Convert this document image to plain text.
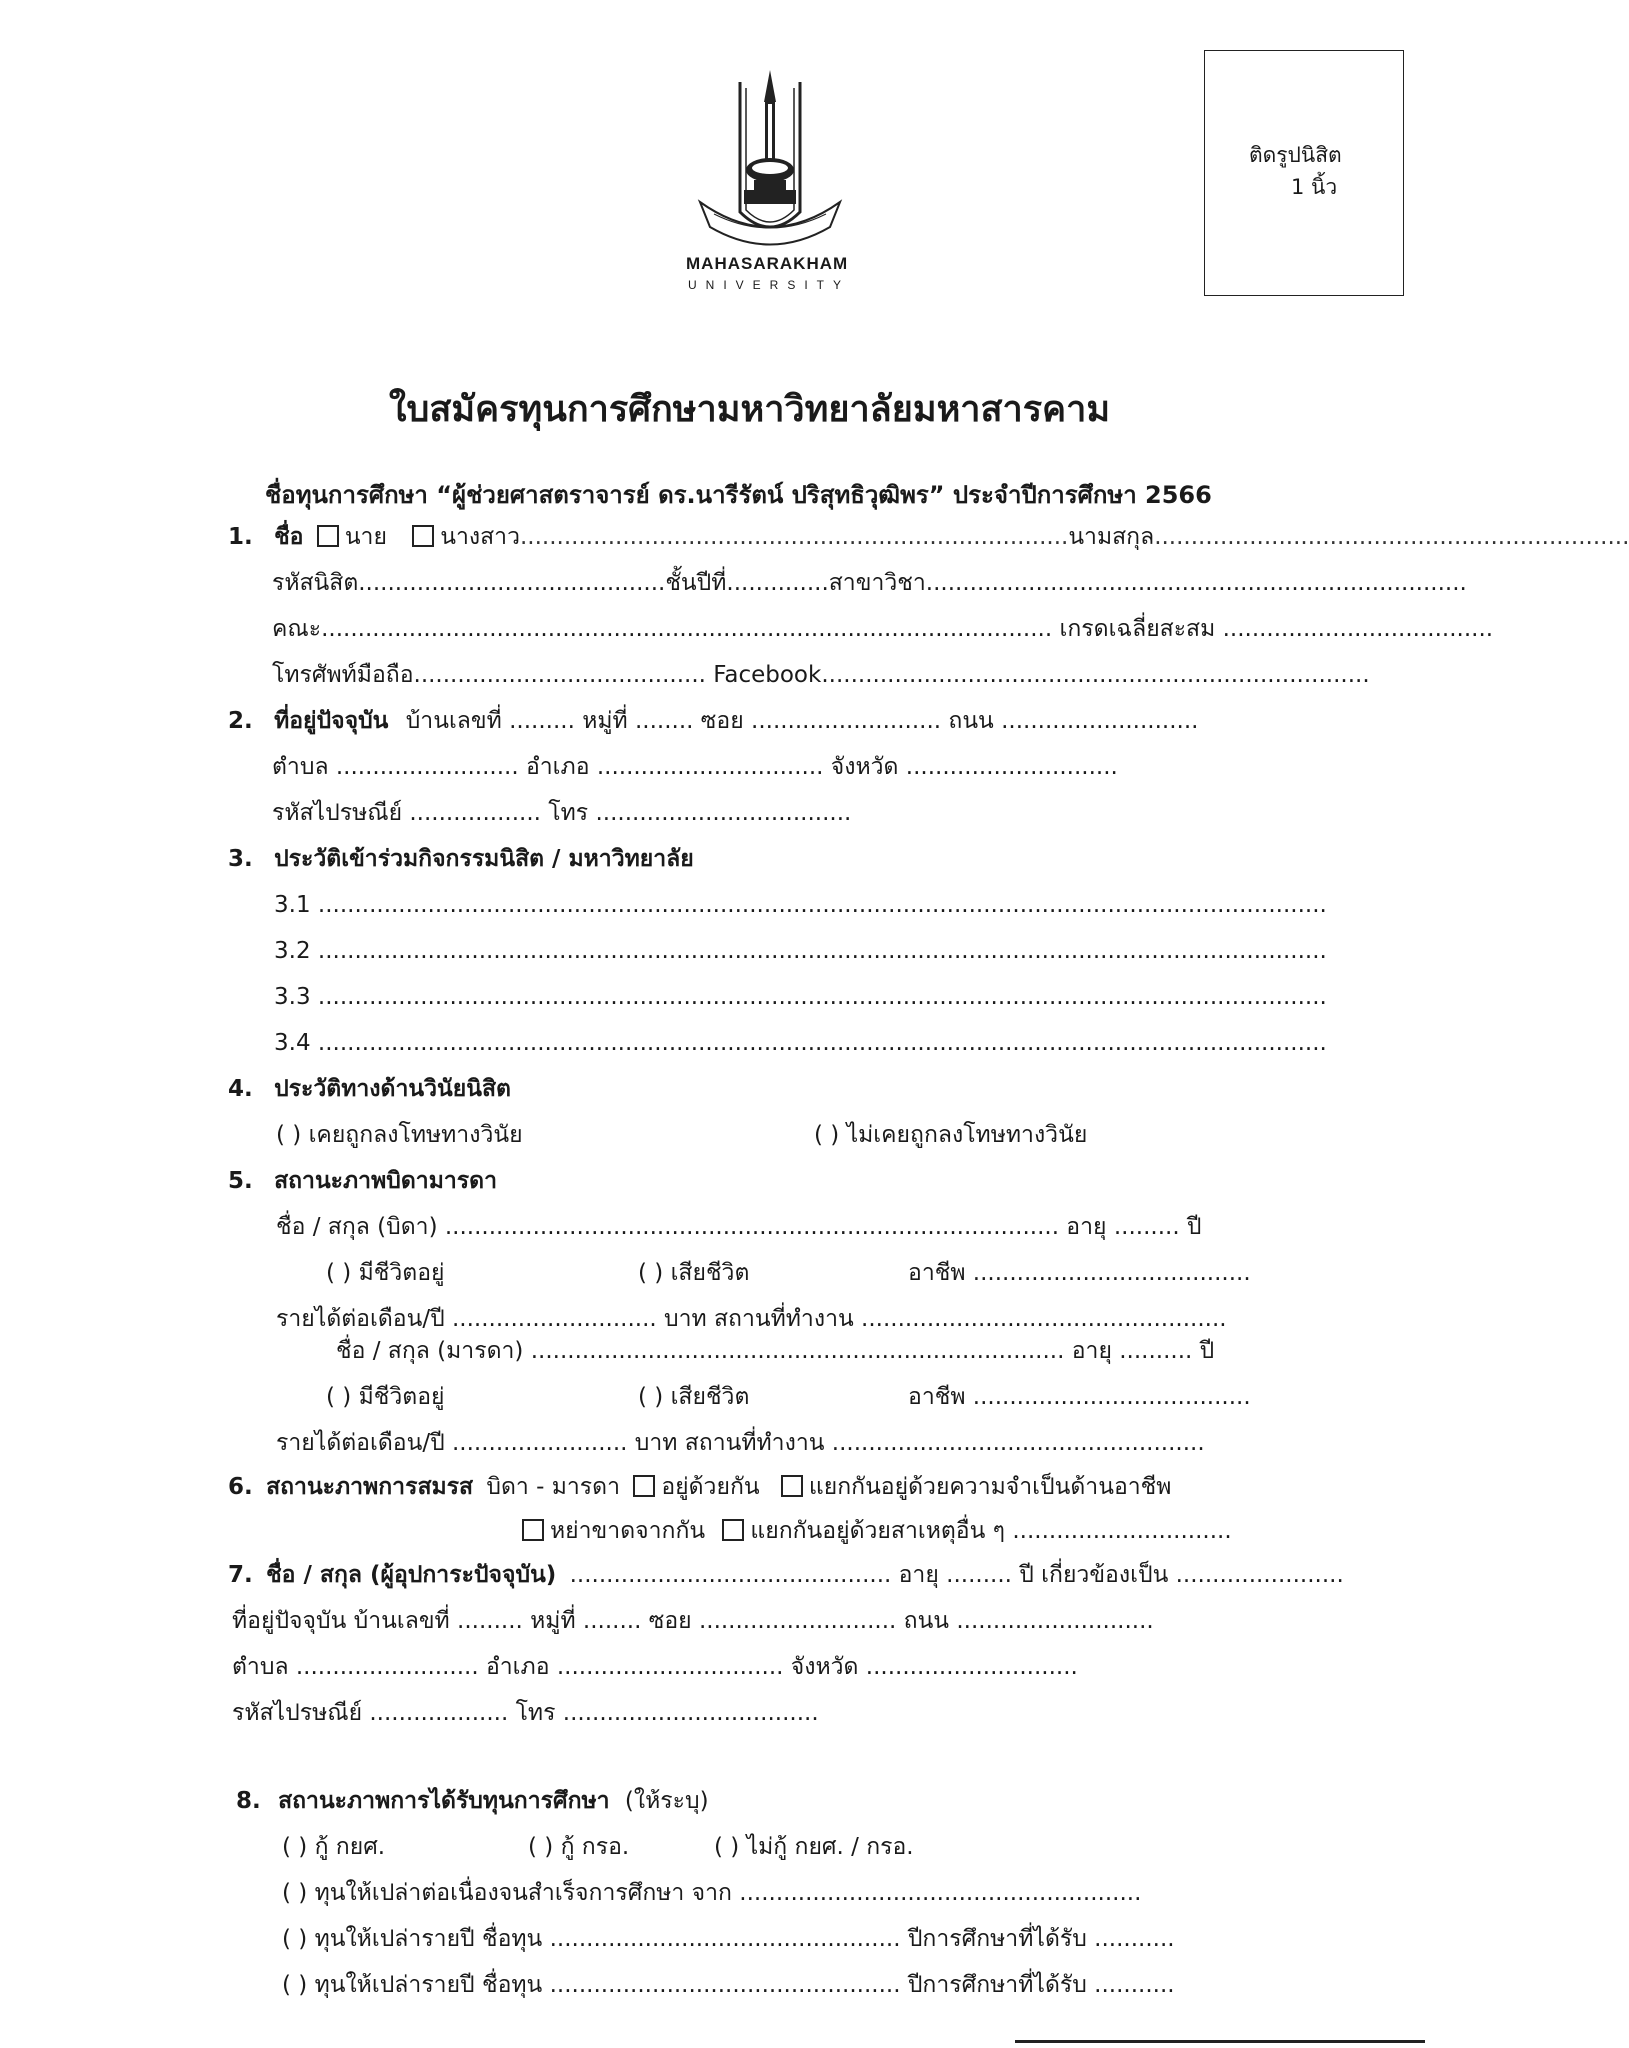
MAHASARAKHAM
UNIVERSITY
ติดรูปนิสิต
1 นิ้ว
ใบสมัครทุนการศึกษามหาวิทยาลัยมหาสารคาม
ชื่อทุนการศึกษา “ผู้ช่วยศาสตราจารย์ ดร.นารีรัตน์ ปริสุทธิวุฒิพร” ประจำปีการศึกษา 2566
1. ชื่อ นาย นางสาว...........................................................................นามสกุล.................................................................
รหัสนิสิต..........................................ชั้นปีที่..............สาขาวิชา..........................................................................
คณะ.................................................................................................... เกรดเฉลี่ยสะสม .....................................
โทรศัพท์มือถือ........................................ Facebook...........................................................................
2. ที่อยู่ปัจจุบัน บ้านเลขที่ ......... หมู่ที่ ........ ซอย .......................... ถนน ...........................
ตำบล ......................... อำเภอ ............................... จังหวัด .............................
รหัสไปรษณีย์ .................. โทร ...................................
3. ประวัติเข้าร่วมกิจกรรมนิสิต / มหาวิทยาลัย
3.1 ..........................................................................................................................................
3.2 ..........................................................................................................................................
3.3 ..........................................................................................................................................
3.4 ..........................................................................................................................................
4. ประวัติทางด้านวินัยนิสิต
( ) เคยถูกลงโทษทางวินัย	( ) ไม่เคยถูกลงโทษทางวินัย
5. สถานะภาพบิดามารดา
ชื่อ / สกุล (บิดา) .................................................................................... อายุ ......... ปี
( ) มีชีวิตอยู่	( ) เสียชีวิต	อาชีพ ......................................
รายได้ต่อเดือน/ปี ............................ บาท สถานที่ทำงาน ..................................................
ชื่อ / สกุล (มารดา) ......................................................................... อายุ .......... ปี
( ) มีชีวิตอยู่	( ) เสียชีวิต	อาชีพ ......................................
รายได้ต่อเดือน/ปี ........................ บาท สถานที่ทำงาน ...................................................
6. สถานะภาพการสมรส บิดา - มารดา อยู่ด้วยกัน แยกกันอยู่ด้วยความจำเป็นด้านอาชีพ
หย่าขาดจากกัน แยกกันอยู่ด้วยสาเหตุอื่น ๆ ..............................
7. ชื่อ / สกุล (ผู้อุปการะปัจจุบัน) ............................................ อายุ ......... ปี เกี่ยวข้องเป็น .......................
ที่อยู่ปัจจุบัน บ้านเลขที่ ......... หมู่ที่ ........ ซอย ........................... ถนน ...........................
ตำบล ......................... อำเภอ ............................... จังหวัด .............................
รหัสไปรษณีย์ ................... โทร ...................................
8. สถานะภาพการได้รับทุนการศึกษา (ให้ระบุ)
( ) กู้ กยศ.	( ) กู้ กรอ.	( ) ไม่กู้ กยศ. / กรอ.
( ) ทุนให้เปล่าต่อเนื่องจนสำเร็จการศึกษา จาก .......................................................
( ) ทุนให้เปล่ารายปี ชื่อทุน ................................................ ปีการศึกษาที่ได้รับ ...........
( ) ทุนให้เปล่ารายปี ชื่อทุน ................................................ ปีการศึกษาที่ได้รับ ...........
